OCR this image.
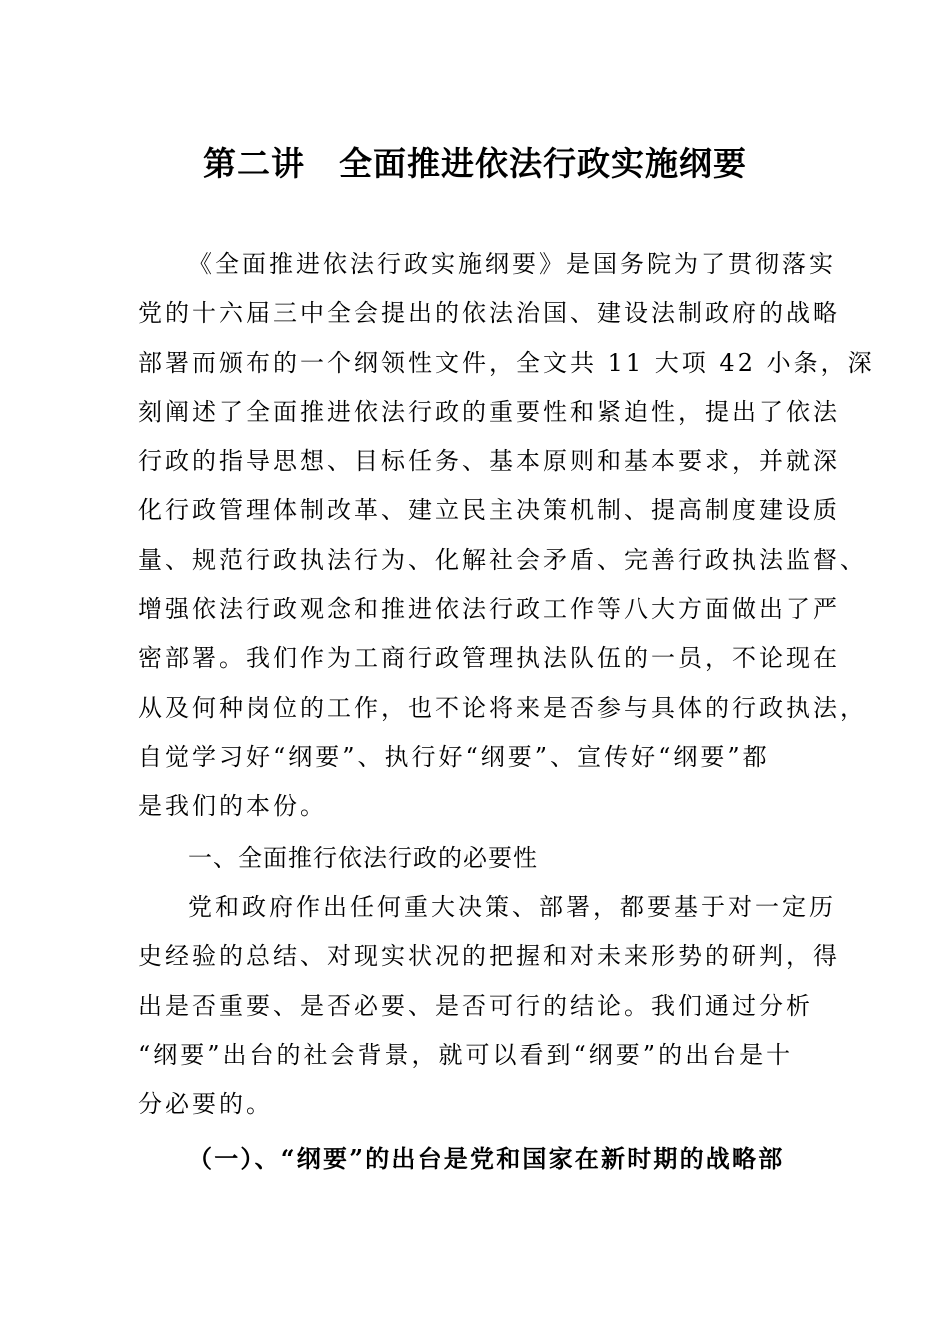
第二讲　全面推进依法行政实施纲要
《全面推进依法行政实施纲要》是国务院为了贯彻落实
党的十六届三中全会提出的依法治国、建设法制政府的战略
部署而颁布的一个纲领性文件，全文共 11 大项 42 小条，深
刻阐述了全面推进依法行政的重要性和紧迫性，提出了依法
行政的指导思想、目标任务、基本原则和基本要求，并就深
化行政管理体制改革、建立民主决策机制、提高制度建设质
量、规范行政执法行为、化解社会矛盾、完善行政执法监督、
增强依法行政观念和推进依法行政工作等八大方面做出了严
密部署。我们作为工商行政管理执法队伍的一员，不论现在
从及何种岗位的工作，也不论将来是否参与具体的行政执法，
自觉学习好“纲要”、执行好“纲要”、宣传好“纲要”都
是我们的本份。
一、全面推行依法行政的必要性
党和政府作出任何重大决策、部署，都要基于对一定历
史经验的总结、对现实状况的把握和对未来形势的研判，得
出是否重要、是否必要、是否可行的结论。我们通过分析
“纲要”出台的社会背景，就可以看到“纲要”的出台是十
分必要的。
（一）、“纲要”的出台是党和国家在新时期的战略部
